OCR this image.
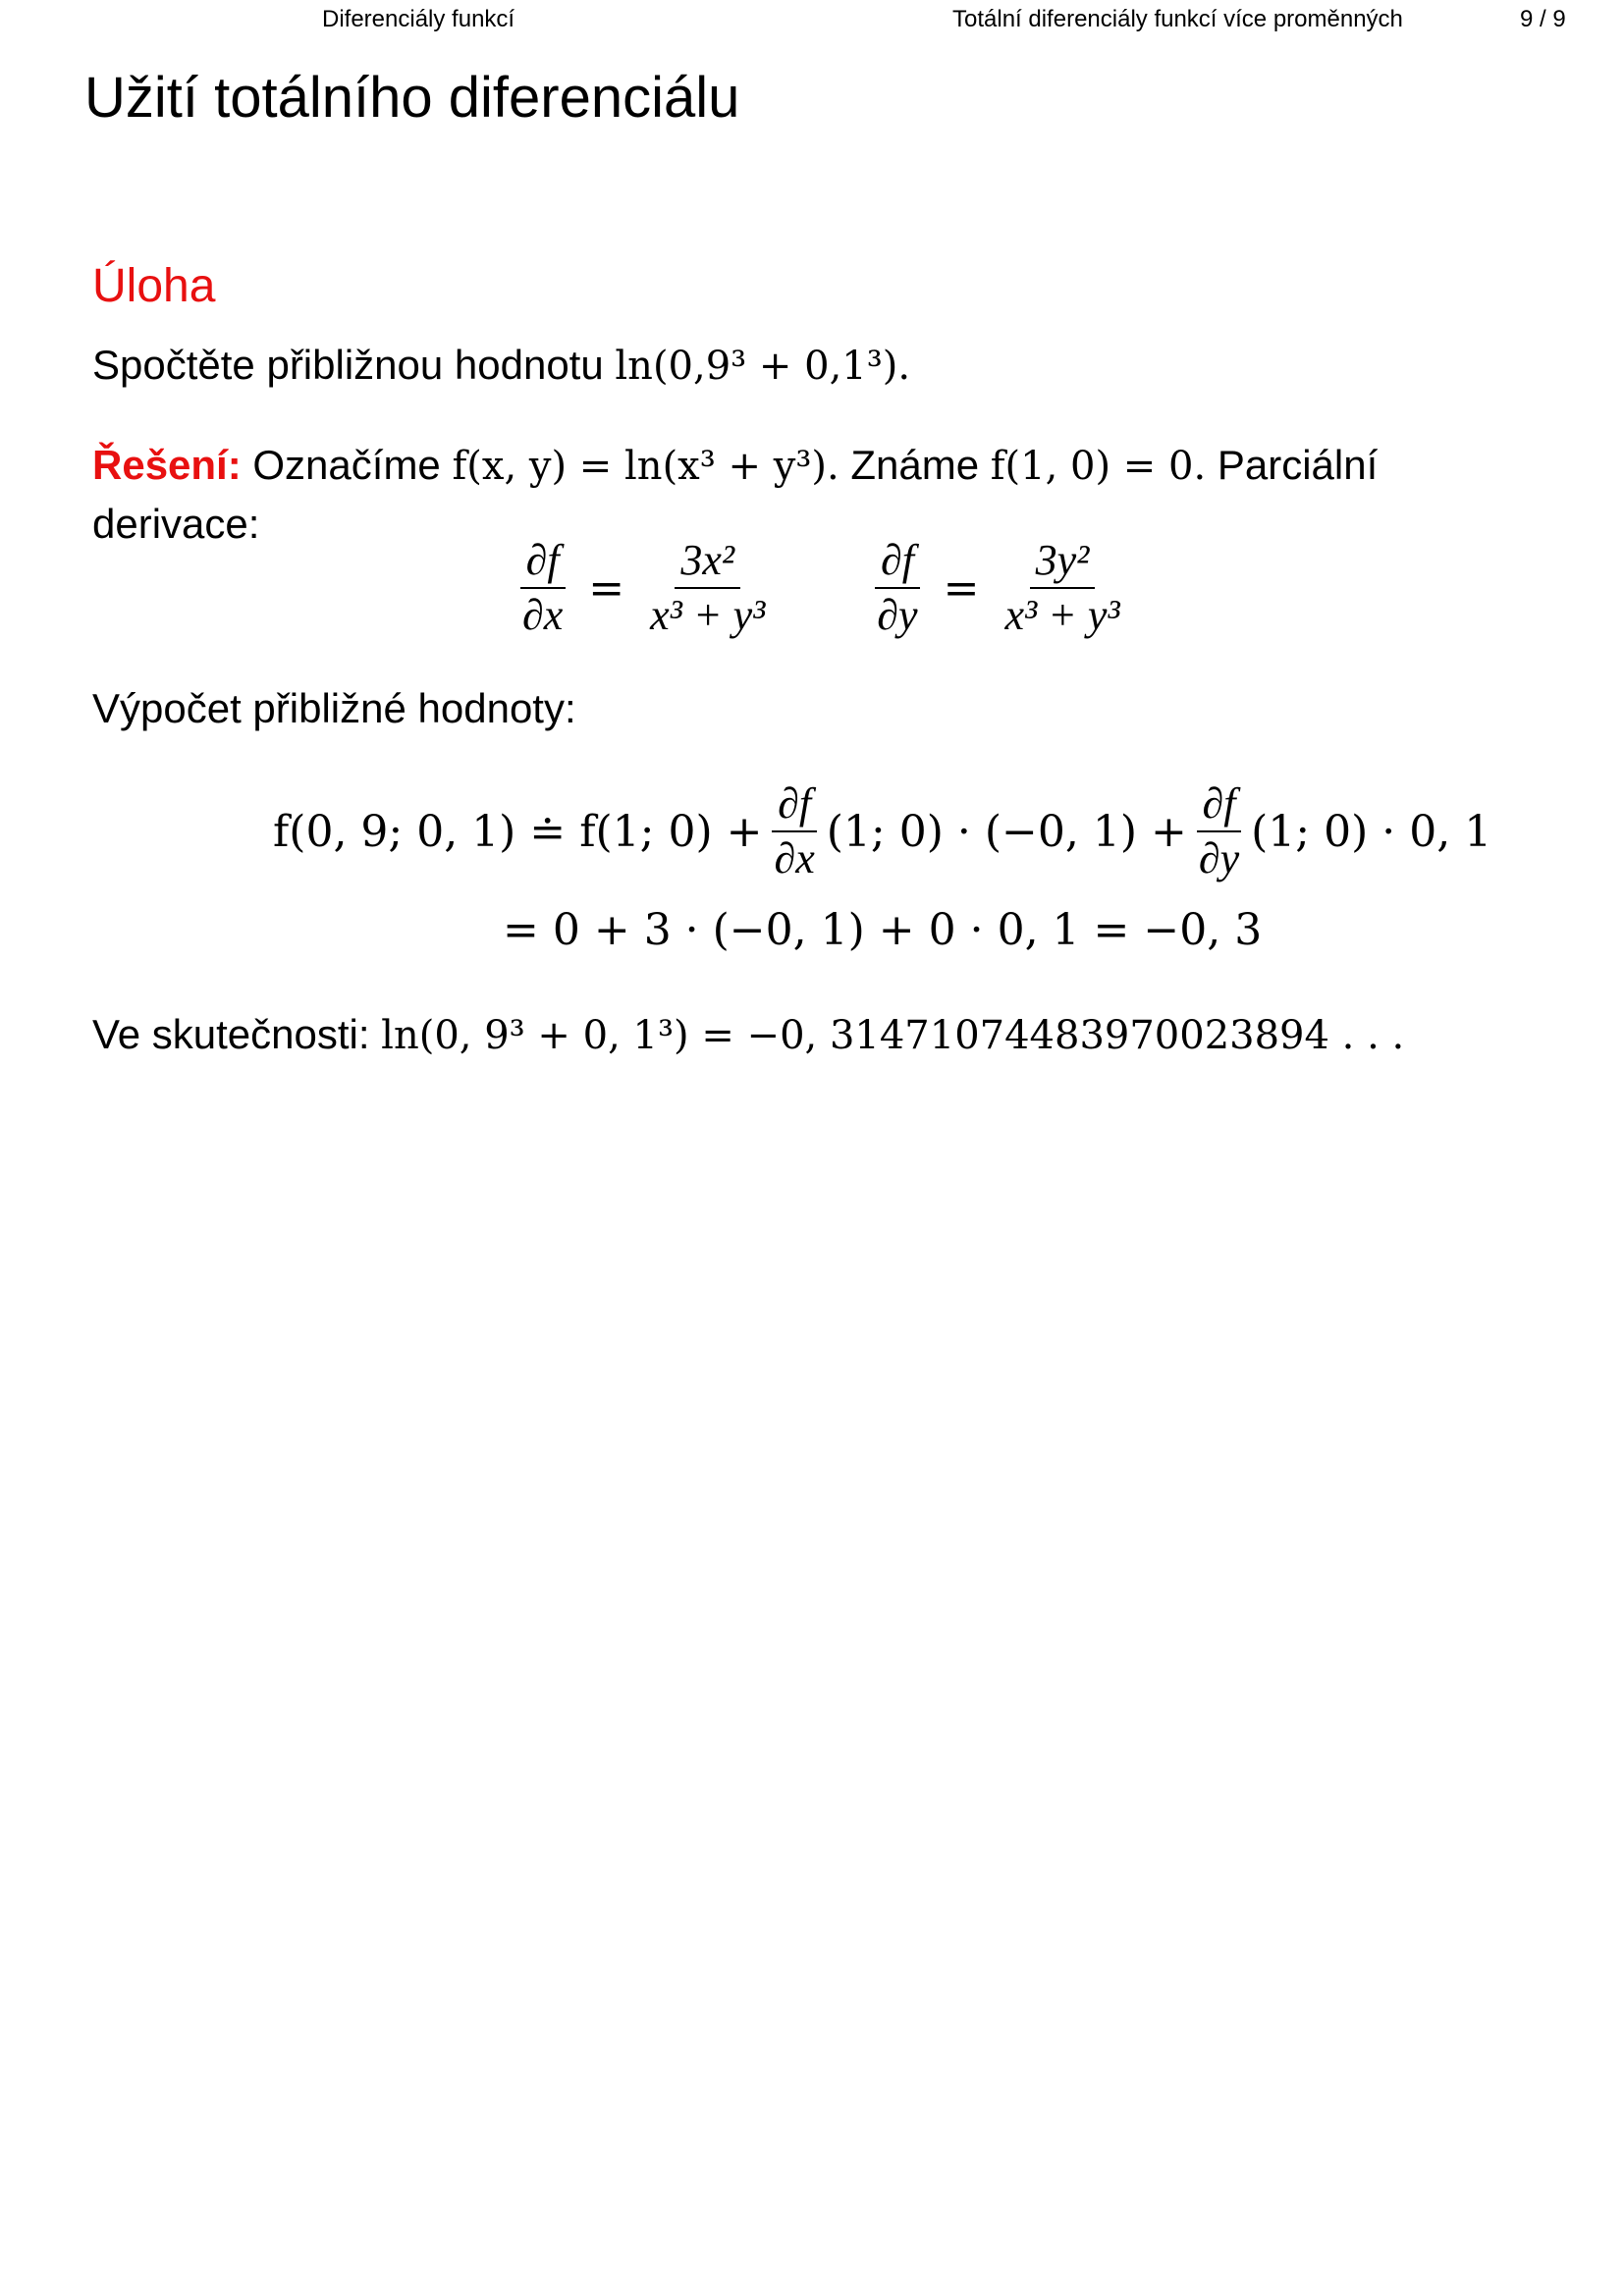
Diferenciály funkcí	Totální diferenciály funkcí více proměnných	9 / 9
Užití totálního diferenciálu
Úloha
Spočtěte přibližnou hodnotu ln(0,9³ + 0,1³).
Řešení: Označíme f(x, y) = ln(x³ + y³). Známe f(1, 0) = 0. Parciální
derivace:
$\frac{\partial f}{\partial x} = \frac{\text{3x²}}{\text{x³ + y³}} \frac{\partial f}{\partial y} = \frac{\text{3y²}}{\text{x³ + y³}}$
Výpočet přibližné hodnoty:
f(0, 9; 0, 1) ≐ f(1; $0) + \frac{\partial f}{\partial x} (1$; 0) · (−0, $1) + \frac{\partial f}{\partial y} (1$; 0) · 0, 1
= 0 + 3 · (−0, 1) + 0 · 0, 1 = −0, 3
Ve skutečnosti: ln(0, 9³ + 0, 1³) = −0, 31471074483970023894 . . .
